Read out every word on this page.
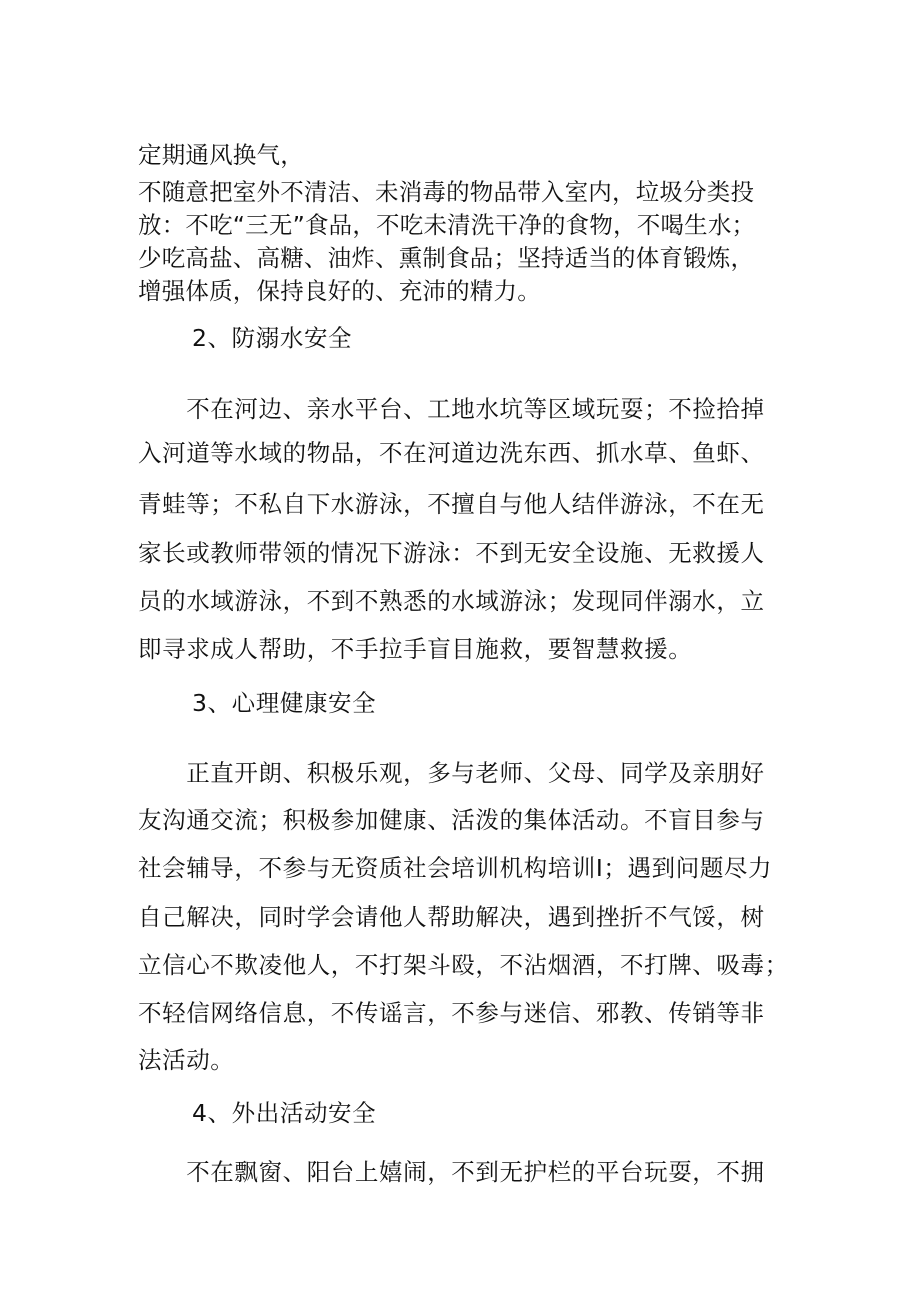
定期通风换气，

不随意把室外不清洁、未消毒的物品带入室内，垃圾分类投

放：不吃“三无”食品，不吃未清洗干净的食物，不喝生水；

少吃高盐、高糖、油炸、熏制食品；坚持适当的体育锻炼，

增强体质，保持良好的、充沛的精力。

2、防溺水安全

　　不在河边、亲水平台、工地水坑等区域玩耍；不捡拾掉

入河道等水域的物品，不在河道边洗东西、抓水草、鱼虾、

青蛙等；不私自下水游泳，不擅自与他人结伴游泳，不在无

家长或教师带领的情况下游泳：不到无安全设施、无救援人

员的水域游泳，不到不熟悉的水域游泳；发现同伴溺水，立

即寻求成人帮助，不手拉手盲目施救，要智慧救援。

3、心理健康安全

　　正直开朗、积极乐观，多与老师、父母、同学及亲朋好

友沟通交流；积极参加健康、活泼的集体活动。不盲目参与

社会辅导，不参与无资质社会培训机构培训I；遇到问题尽力

自己解决，同时学会请他人帮助解决，遇到挫折不气馁，树

立信心不欺凌他人，不打架斗殴，不沾烟酒，不打牌、吸毒；

不轻信网络信息，不传谣言，不参与迷信、邪教、传销等非

法活动。

4、外出活动安全

　　不在飘窗、阳台上嬉闹，不到无护栏的平台玩耍，不拥
